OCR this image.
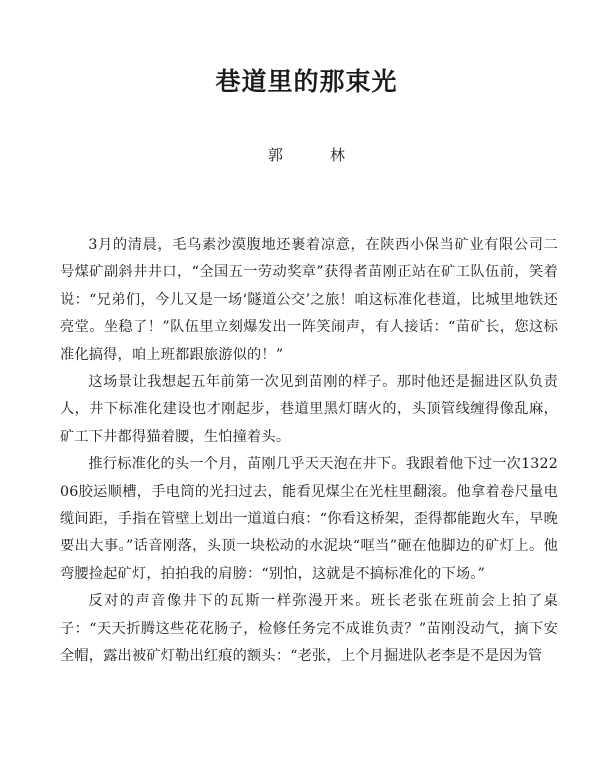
巷道里的那束光
郭　林

3月的清晨，毛乌素沙漠腹地还裹着凉意，在陕西小保当矿业有限公司二号煤矿副斜井井口，“全国五一劳动奖章”获得者苗刚正站在矿工队伍前，笑着说：“兄弟们，今儿又是一场‘隧道公交’之旅！咱这标准化巷道，比城里地铁还亮堂。坐稳了！”队伍里立刻爆发出一阵笑闹声，有人接话：“苗矿长，您这标准化搞得，咱上班都跟旅游似的！”

这场景让我想起五年前第一次见到苗刚的样子。那时他还是掘进区队负责人，井下标准化建设也才刚起步，巷道里黑灯瞎火的，头顶管线缠得像乱麻，矿工下井都得猫着腰，生怕撞着头。

推行标准化的头一个月，苗刚几乎天天泡在井下。我跟着他下过一次132206胶运顺槽，手电筒的光扫过去，能看见煤尘在光柱里翻滚。他拿着卷尺量电缆间距，手指在管壁上划出一道道白痕：“你看这桥架，歪得都能跑火车，早晚要出大事。”话音刚落，头顶一块松动的水泥块“哐当”砸在他脚边的矿灯上。他弯腰捡起矿灯，拍拍我的肩膀：“别怕，这就是不搞标准化的下场。”

反对的声音像井下的瓦斯一样弥漫开来。班长老张在班前会上拍了桌子：“天天折腾这些花花肠子，检修任务完不成谁负责？”苗刚没动气，摘下安全帽，露出被矿灯勒出红痕的额头：“老张，上个月掘进队老李是不是因为管
